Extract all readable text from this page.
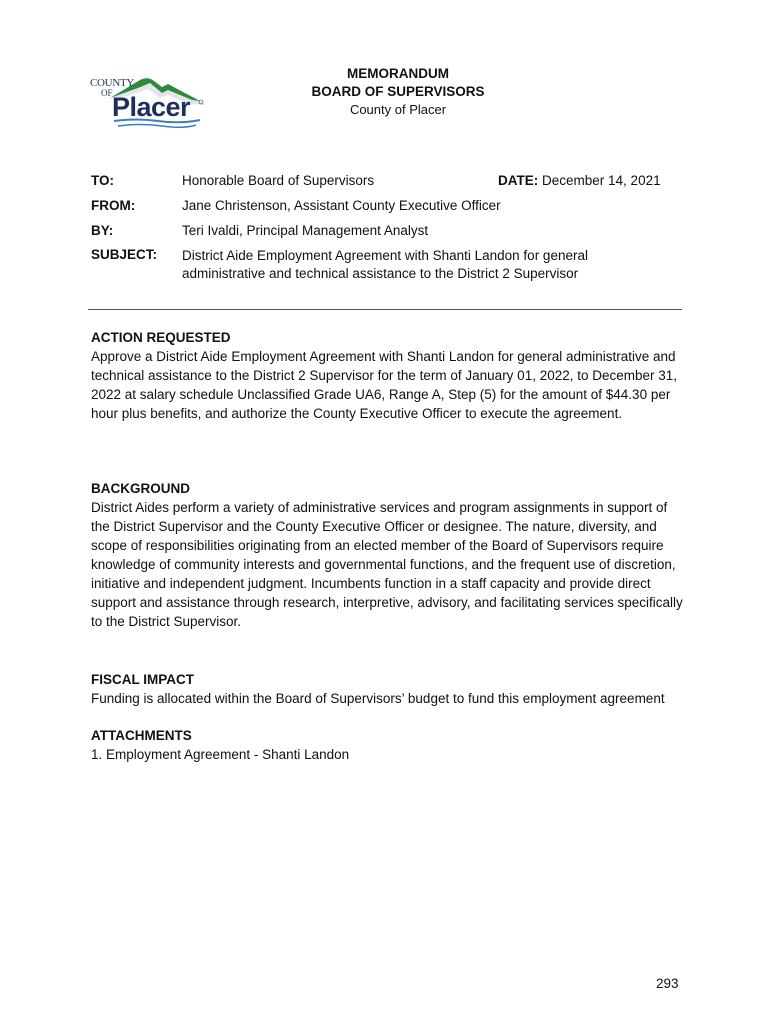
COUNTY
OF Placer
MEMORANDUM
BOARD OF SUPERVISORS
County of Placer
TO:	Honorable Board of Supervisors	DATE: December 14, 2021
FROM:	Jane Christenson, Assistant County Executive Officer
BY:	Teri Ivaldi, Principal Management Analyst
SUBJECT: District Aide Employment Agreement with Shanti Landon for general administrative and technical assistance to the District 2 Supervisor
ACTION REQUESTED
Approve a District Aide Employment Agreement with Shanti Landon for general administrative and technical assistance to the District 2 Supervisor for the term of January 01, 2022, to December 31, 2022 at salary schedule Unclassified Grade UA6, Range A, Step (5) for the amount of $44.30 per hour plus benefits, and authorize the County Executive Officer to execute the agreement.
BACKGROUND
District Aides perform a variety of administrative services and program assignments in support of the District Supervisor and the County Executive Officer or designee. The nature, diversity, and scope of responsibilities originating from an elected member of the Board of Supervisors require knowledge of community interests and governmental functions, and the frequent use of discretion, initiative and independent judgment. Incumbents function in a staff capacity and provide direct support and assistance through research, interpretive, advisory, and facilitating services specifically to the District Supervisor.
FISCAL IMPACT
Funding is allocated within the Board of Supervisors’ budget to fund this employment agreement
ATTACHMENTS
1. Employment Agreement - Shanti Landon
293
